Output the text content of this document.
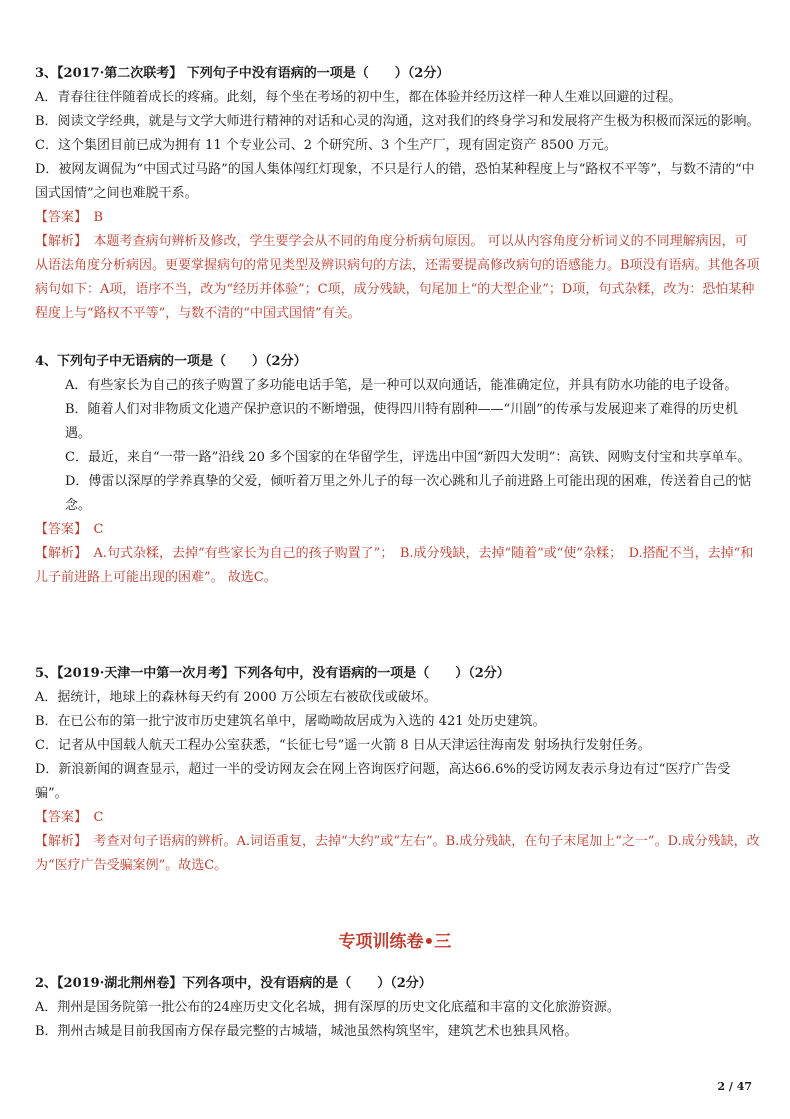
3、【2017·第二次联考】 下列句子中没有语病的一项是（　　）（2分）
A．青春往往伴随着成长的疼痛。此刻，每个坐在考场的初中生，都在体验并经历这样一种人生难以回避的过程。
B．阅读文学经典，就是与文学大师进行精神的对话和心灵的沟通，这对我们的终身学习和发展将产生极为积极而深远的影响。
C．这个集团目前已成为拥有 11 个专业公司、2 个研究所、3 个生产厂，现有固定资产 8500 万元。
D．被网友调侃为“中国式过马路”的国人集体闯红灯现象，不只是行人的错，恐怕某种程度上与“路权不平等”，与数不清的“中国式国情”之间也难脱干系。
【答案】　B
【解析】　本题考查病句辨析及修改，学生要学会从不同的角度分析病句原因。 可以从内容角度分析词义的不同理解病因，可从语法角度分析病因。更要掌握病句的常见类型及辨识病句的方法，还需要提高修改病句的语感能力。B项没有语病。其他各项病句如下：A项，语序不当，改为“经历并体验”；C项，成分残缺，句尾加上“的大型企业”；D项，句式杂糅，改为：恐怕某种程度上与“路权不平等”，与数不清的“中国式国情”有关。
4、下列句子中无语病的一项是（　　）（2分）
A．有些家长为自己的孩子购置了多功能电话手笔，是一种可以双向通话，能准确定位，并具有防水功能的电子设备。
B．随着人们对非物质文化遗产保护意识的不断增强，使得四川特有剧种——“川剧”的传承与发展迎来了难得的历史机遇。
C．最近，来自“一带一路”沿线 20 多个国家的在华留学生，评选出中国“新四大发明”：高铁、网购支付宝和共享单车。
D．傅雷以深厚的学养真挚的父爱，倾听着万里之外儿子的每一次心跳和儿子前进路上可能出现的困难，传送着自己的惦念。
【答案】　C
【解析】　A.句式杂糅，去掉“有些家长为自己的孩子购置了”；　B.成分残缺，去掉“随着”或“使”杂糅；　D.搭配不当，去掉“和儿子前进路上可能出现的困难”。 故选C。
5、【2019·天津一中第一次月考】下列各句中，没有语病的一项是（　　）（2分）
A．据统计，地球上的森林每天约有 2000 万公顷左右被砍伐或破坏。
B．在已公布的第一批宁波市历史建筑名单中，屠呦呦故居成为入选的 421 处历史建筑。
C．记者从中国载人航天工程办公室获悉，“长征七号”遥一火箭 8 日从天津运往海南发 射场执行发射任务。
D．新浪新闻的调查显示，超过一半的受访网友会在网上咨询医疗问题，高达66.6%的受访网友表示身边有过“医疗广告受骗”。
【答案】　C
【解析】　考查对句子语病的辨析。A.词语重复，去掉“大约”或“左右”。B.成分残缺，在句子末尾加上“之一”。D.成分残缺，改为“医疗广告受骗案例”。故选C。
专项训练卷•三
2、【2019·湖北荆州卷】下列各项中，没有语病的是（　　）（2分）
A．荆州是国务院第一批公布的24座历史文化名城，拥有深厚的历史文化底蕴和丰富的文化旅游资源。
B．荆州古城是目前我国南方保存最完整的古城墙，城池虽然构筑坚牢，建筑艺术也独具风格。
2 / 47
